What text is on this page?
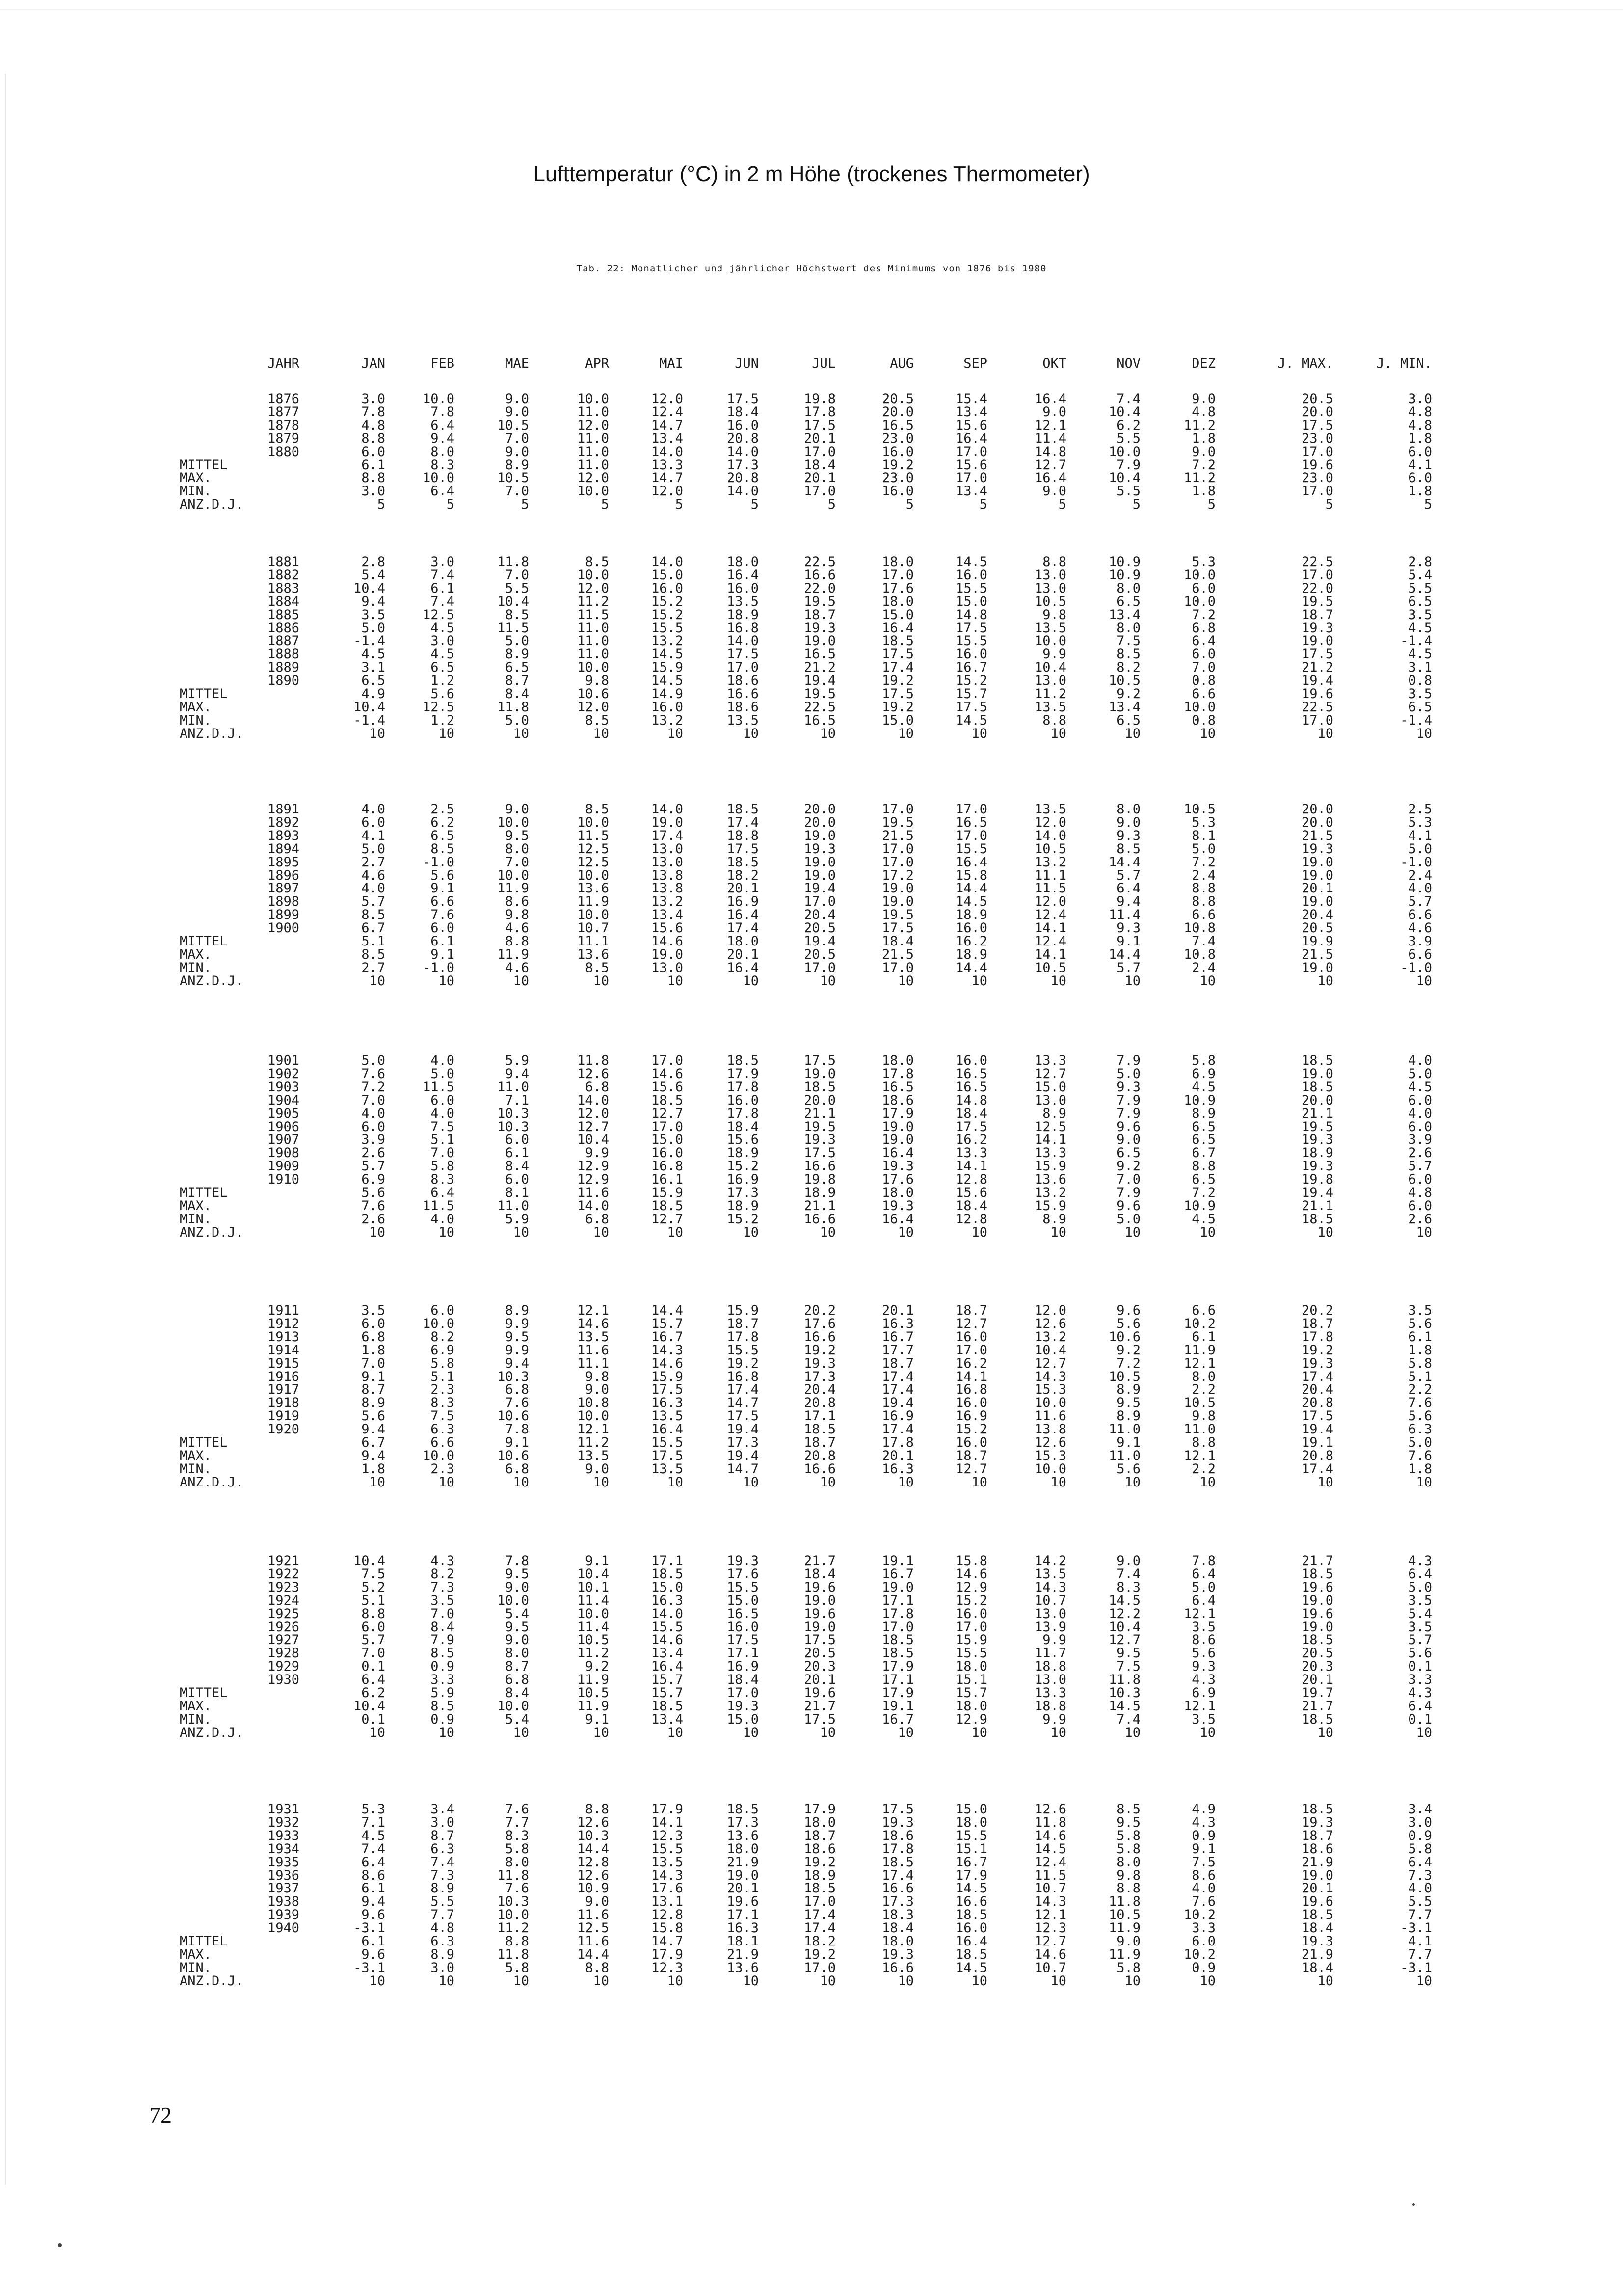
Lufttemperatur (°C) in 2 m Höhe (trockenes Thermometer)
Tab. 22: Monatlicher und jährlicher Höchstwert des Minimums von 1876 bis 1980
JAHR	JAN	FEB	MAE	APR	MAI	JUN	JUL	AUG	SEP	OKT	NOV	DEZ	J. MAX.	J. MIN.
1876	3.0	10.0	9.0	10.0	12.0	17.5	19.8	20.5	15.4	16.4	7.4	9.0	20.5	3.0
1877	7.8	7.8	9.0	11.0	12.4	18.4	17.8	20.0	13.4	9.0	10.4	4.8	20.0	4.8
1878	4.8	6.4	10.5	12.0	14.7	16.0	17.5	16.5	15.6	12.1	6.2	11.2	17.5	4.8
1879	8.8	9.4	7.0	11.0	13.4	20.8	20.1	23.0	16.4	11.4	5.5	1.8	23.0	1.8
1880	6.0	8.0	9.0	11.0	14.0	14.0	17.0	16.0	17.0	14.8	10.0	9.0	17.0	6.0
MITTEL	6.1	8.3	8.9	11.0	13.3	17.3	18.4	19.2	15.6	12.7	7.9	7.2	19.6	4.1
MAX.	8.8	10.0	10.5	12.0	14.7	20.8	20.1	23.0	17.0	16.4	10.4	11.2	23.0	6.0
MIN.	3.0	6.4	7.0	10.0	12.0	14.0	17.0	16.0	13.4	9.0	5.5	1.8	17.0	1.8
ANZ.D.J.	5	5	5	5	5	5	5	5	5	5	5	5	5	5
1881	2.8	3.0	11.8	8.5	14.0	18.0	22.5	18.0	14.5	8.8	10.9	5.3	22.5	2.8
1882	5.4	7.4	7.0	10.0	15.0	16.4	16.6	17.0	16.0	13.0	10.9	10.0	17.0	5.4
1883	10.4	6.1	5.5	12.0	16.0	16.0	22.0	17.6	15.5	13.0	8.0	6.0	22.0	5.5
1884	9.4	7.4	10.4	11.2	15.2	13.5	19.5	18.0	15.0	10.5	6.5	10.0	19.5	6.5
1885	3.5	12.5	8.5	11.5	15.2	18.9	18.7	15.0	14.8	9.8	13.4	7.2	18.7	3.5
1886	5.0	4.5	11.5	11.0	15.5	16.8	19.3	16.4	17.5	13.5	8.0	6.8	19.3	4.5
1887	-1.4	3.0	5.0	11.0	13.2	14.0	19.0	18.5	15.5	10.0	7.5	6.4	19.0	-1.4
1888	4.5	4.5	8.9	11.0	14.5	17.5	16.5	17.5	16.0	9.9	8.5	6.0	17.5	4.5
1889	3.1	6.5	6.5	10.0	15.9	17.0	21.2	17.4	16.7	10.4	8.2	7.0	21.2	3.1
1890	6.5	1.2	8.7	9.8	14.5	18.6	19.4	19.2	15.2	13.0	10.5	0.8	19.4	0.8
MITTEL	4.9	5.6	8.4	10.6	14.9	16.6	19.5	17.5	15.7	11.2	9.2	6.6	19.6	3.5
MAX.	10.4	12.5	11.8	12.0	16.0	18.6	22.5	19.2	17.5	13.5	13.4	10.0	22.5	6.5
MIN.	-1.4	1.2	5.0	8.5	13.2	13.5	16.5	15.0	14.5	8.8	6.5	0.8	17.0	-1.4
ANZ.D.J.	10	10	10	10	10	10	10	10	10	10	10	10	10	10
1891	4.0	2.5	9.0	8.5	14.0	18.5	20.0	17.0	17.0	13.5	8.0	10.5	20.0	2.5
1892	6.0	6.2	10.0	10.0	19.0	17.4	20.0	19.5	16.5	12.0	9.0	5.3	20.0	5.3
1893	4.1	6.5	9.5	11.5	17.4	18.8	19.0	21.5	17.0	14.0	9.3	8.1	21.5	4.1
1894	5.0	8.5	8.0	12.5	13.0	17.5	19.3	17.0	15.5	10.5	8.5	5.0	19.3	5.0
1895	2.7	-1.0	7.0	12.5	13.0	18.5	19.0	17.0	16.4	13.2	14.4	7.2	19.0	-1.0
1896	4.6	5.6	10.0	10.0	13.8	18.2	19.0	17.2	15.8	11.1	5.7	2.4	19.0	2.4
1897	4.0	9.1	11.9	13.6	13.8	20.1	19.4	19.0	14.4	11.5	6.4	8.8	20.1	4.0
1898	5.7	6.6	8.6	11.9	13.2	16.9	17.0	19.0	14.5	12.0	9.4	8.8	19.0	5.7
1899	8.5	7.6	9.8	10.0	13.4	16.4	20.4	19.5	18.9	12.4	11.4	6.6	20.4	6.6
1900	6.7	6.0	4.6	10.7	15.6	17.4	20.5	17.5	16.0	14.1	9.3	10.8	20.5	4.6
MITTEL	5.1	6.1	8.8	11.1	14.6	18.0	19.4	18.4	16.2	12.4	9.1	7.4	19.9	3.9
MAX.	8.5	9.1	11.9	13.6	19.0	20.1	20.5	21.5	18.9	14.1	14.4	10.8	21.5	6.6
MIN.	2.7	-1.0	4.6	8.5	13.0	16.4	17.0	17.0	14.4	10.5	5.7	2.4	19.0	-1.0
ANZ.D.J.	10	10	10	10	10	10	10	10	10	10	10	10	10	10
1901	5.0	4.0	5.9	11.8	17.0	18.5	17.5	18.0	16.0	13.3	7.9	5.8	18.5	4.0
1902	7.6	5.0	9.4	12.6	14.6	17.9	19.0	17.8	16.5	12.7	5.0	6.9	19.0	5.0
1903	7.2	11.5	11.0	6.8	15.6	17.8	18.5	16.5	16.5	15.0	9.3	4.5	18.5	4.5
1904	7.0	6.0	7.1	14.0	18.5	16.0	20.0	18.6	14.8	13.0	7.9	10.9	20.0	6.0
1905	4.0	4.0	10.3	12.0	12.7	17.8	21.1	17.9	18.4	8.9	7.9	8.9	21.1	4.0
1906	6.0	7.5	10.3	12.7	17.0	18.4	19.5	19.0	17.5	12.5	9.6	6.5	19.5	6.0
1907	3.9	5.1	6.0	10.4	15.0	15.6	19.3	19.0	16.2	14.1	9.0	6.5	19.3	3.9
1908	2.6	7.0	6.1	9.9	16.0	18.9	17.5	16.4	13.3	13.3	6.5	6.7	18.9	2.6
1909	5.7	5.8	8.4	12.9	16.8	15.2	16.6	19.3	14.1	15.9	9.2	8.8	19.3	5.7
1910	6.9	8.3	6.0	12.9	16.1	16.9	19.8	17.6	12.8	13.6	7.0	6.5	19.8	6.0
MITTEL	5.6	6.4	8.1	11.6	15.9	17.3	18.9	18.0	15.6	13.2	7.9	7.2	19.4	4.8
MAX.	7.6	11.5	11.0	14.0	18.5	18.9	21.1	19.3	18.4	15.9	9.6	10.9	21.1	6.0
MIN.	2.6	4.0	5.9	6.8	12.7	15.2	16.6	16.4	12.8	8.9	5.0	4.5	18.5	2.6
ANZ.D.J.	10	10	10	10	10	10	10	10	10	10	10	10	10	10
1911	3.5	6.0	8.9	12.1	14.4	15.9	20.2	20.1	18.7	12.0	9.6	6.6	20.2	3.5
1912	6.0	10.0	9.9	14.6	15.7	18.7	17.6	16.3	12.7	12.6	5.6	10.2	18.7	5.6
1913	6.8	8.2	9.5	13.5	16.7	17.8	16.6	16.7	16.0	13.2	10.6	6.1	17.8	6.1
1914	1.8	6.9	9.9	11.6	14.3	15.5	19.2	17.7	17.0	10.4	9.2	11.9	19.2	1.8
1915	7.0	5.8	9.4	11.1	14.6	19.2	19.3	18.7	16.2	12.7	7.2	12.1	19.3	5.8
1916	9.1	5.1	10.3	9.8	15.9	16.8	17.3	17.4	14.1	14.3	10.5	8.0	17.4	5.1
1917	8.7	2.3	6.8	9.0	17.5	17.4	20.4	17.4	16.8	15.3	8.9	2.2	20.4	2.2
1918	8.9	8.3	7.6	10.8	16.3	14.7	20.8	19.4	16.0	10.0	9.5	10.5	20.8	7.6
1919	5.6	7.5	10.6	10.0	13.5	17.5	17.1	16.9	16.9	11.6	8.9	9.8	17.5	5.6
1920	9.4	6.3	7.8	12.1	16.4	19.4	18.5	17.4	15.2	13.8	11.0	11.0	19.4	6.3
MITTEL	6.7	6.6	9.1	11.2	15.5	17.3	18.7	17.8	16.0	12.6	9.1	8.8	19.1	5.0
MAX.	9.4	10.0	10.6	13.5	17.5	19.4	20.8	20.1	18.7	15.3	11.0	12.1	20.8	7.6
MIN.	1.8	2.3	6.8	9.0	13.5	14.7	16.6	16.3	12.7	10.0	5.6	2.2	17.4	1.8
ANZ.D.J.	10	10	10	10	10	10	10	10	10	10	10	10	10	10
1921	10.4	4.3	7.8	9.1	17.1	19.3	21.7	19.1	15.8	14.2	9.0	7.8	21.7	4.3
1922	7.5	8.2	9.5	10.4	18.5	17.6	18.4	16.7	14.6	13.5	7.4	6.4	18.5	6.4
1923	5.2	7.3	9.0	10.1	15.0	15.5	19.6	19.0	12.9	14.3	8.3	5.0	19.6	5.0
1924	5.1	3.5	10.0	11.4	16.3	15.0	19.0	17.1	15.2	10.7	14.5	6.4	19.0	3.5
1925	8.8	7.0	5.4	10.0	14.0	16.5	19.6	17.8	16.0	13.0	12.2	12.1	19.6	5.4
1926	6.0	8.4	9.5	11.4	15.5	16.0	19.0	17.0	17.0	13.9	10.4	3.5	19.0	3.5
1927	5.7	7.9	9.0	10.5	14.6	17.5	17.5	18.5	15.9	9.9	12.7	8.6	18.5	5.7
1928	7.0	8.5	8.0	11.2	13.4	17.1	20.5	18.5	15.5	11.7	9.5	5.6	20.5	5.6
1929	0.1	0.9	8.7	9.2	16.4	16.9	20.3	17.9	18.0	18.8	7.5	9.3	20.3	0.1
1930	6.4	3.3	6.8	11.9	15.7	18.4	20.1	17.1	15.1	13.0	11.8	4.3	20.1	3.3
MITTEL	6.2	5.9	8.4	10.5	15.7	17.0	19.6	17.9	15.7	13.3	10.3	6.9	19.7	4.3
MAX.	10.4	8.5	10.0	11.9	18.5	19.3	21.7	19.1	18.0	18.8	14.5	12.1	21.7	6.4
MIN.	0.1	0.9	5.4	9.1	13.4	15.0	17.5	16.7	12.9	9.9	7.4	3.5	18.5	0.1
ANZ.D.J.	10	10	10	10	10	10	10	10	10	10	10	10	10	10
1931	5.3	3.4	7.6	8.8	17.9	18.5	17.9	17.5	15.0	12.6	8.5	4.9	18.5	3.4
1932	7.1	3.0	7.7	12.6	14.1	17.3	18.0	19.3	18.0	11.8	9.5	4.3	19.3	3.0
1933	4.5	8.7	8.3	10.3	12.3	13.6	18.7	18.6	15.5	14.6	5.8	0.9	18.7	0.9
1934	7.4	6.3	5.8	14.4	15.5	18.0	18.6	17.8	15.1	14.5	5.8	9.1	18.6	5.8
1935	6.4	7.4	8.0	12.8	13.5	21.9	19.2	18.5	16.7	12.4	8.0	7.5	21.9	6.4
1936	8.6	7.3	11.8	12.6	14.3	19.0	18.9	17.4	17.9	11.5	9.8	8.6	19.0	7.3
1937	6.1	8.9	7.6	10.9	17.6	20.1	18.5	16.6	14.5	10.7	8.8	4.0	20.1	4.0
1938	9.4	5.5	10.3	9.0	13.1	19.6	17.0	17.3	16.6	14.3	11.8	7.6	19.6	5.5
1939	9.6	7.7	10.0	11.6	12.8	17.1	17.4	18.3	18.5	12.1	10.5	10.2	18.5	7.7
1940	-3.1	4.8	11.2	12.5	15.8	16.3	17.4	18.4	16.0	12.3	11.9	3.3	18.4	-3.1
MITTEL	6.1	6.3	8.8	11.6	14.7	18.1	18.2	18.0	16.4	12.7	9.0	6.0	19.3	4.1
MAX.	9.6	8.9	11.8	14.4	17.9	21.9	19.2	19.3	18.5	14.6	11.9	10.2	21.9	7.7
MIN.	-3.1	3.0	5.8	8.8	12.3	13.6	17.0	16.6	14.5	10.7	5.8	0.9	18.4	-3.1
ANZ.D.J.	10	10	10	10	10	10	10	10	10	10	10	10	10	10
72
